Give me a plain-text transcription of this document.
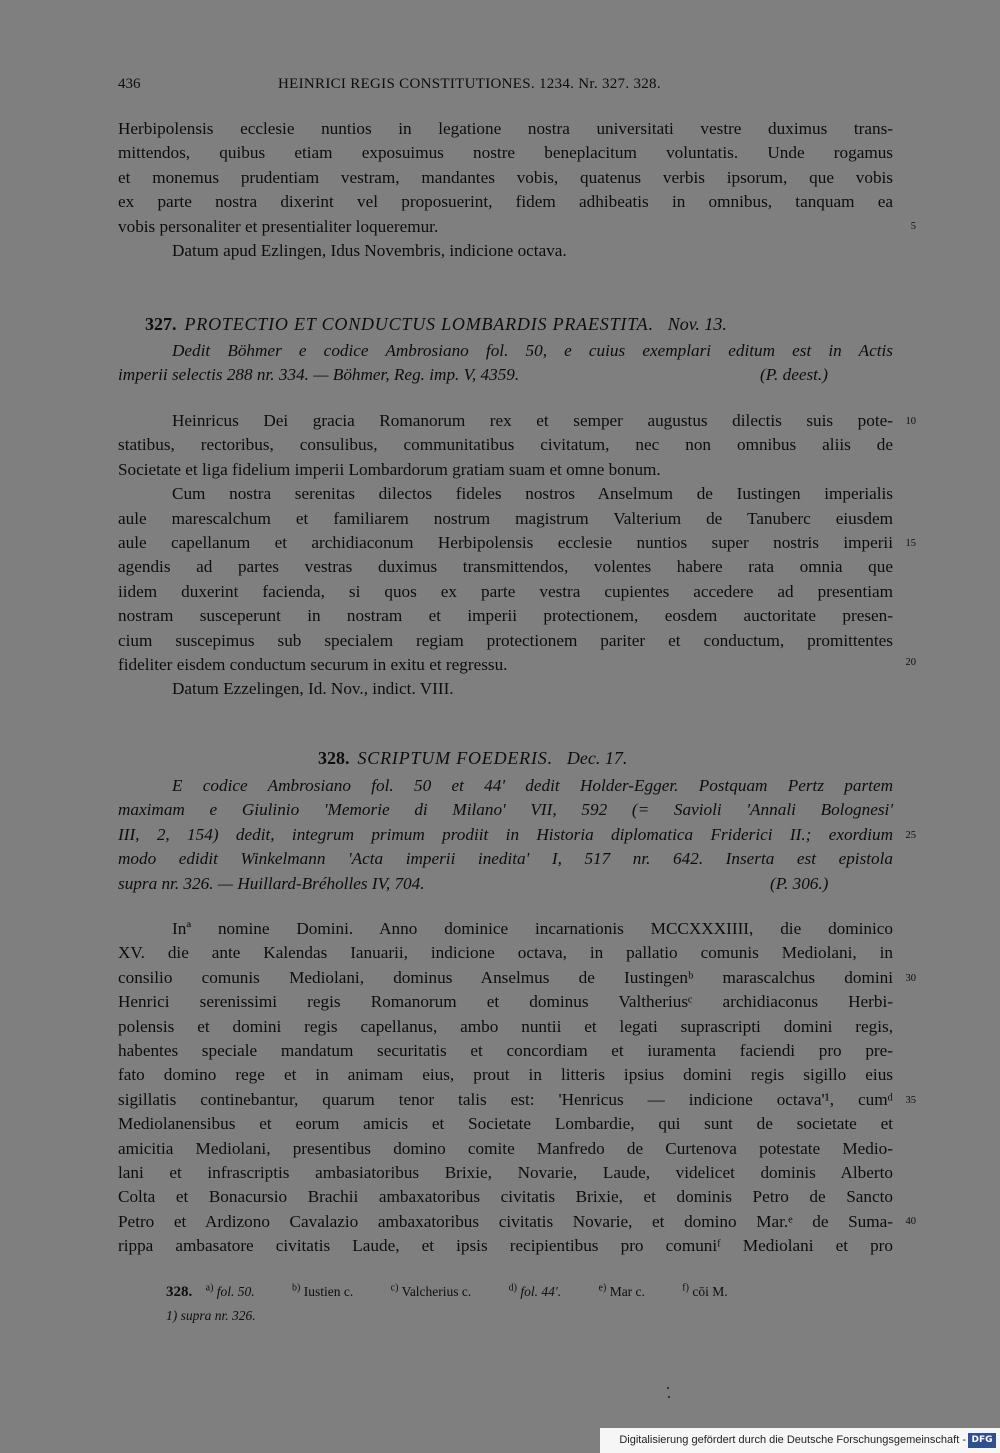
436	HEINRICI REGIS CONSTITUTIONES. 1234. Nr. 327. 328.
Herbipolensis ecclesie nuntios in legatione nostra universitati vestre duximus trans-
mittendos, quibus etiam exposuimus nostre beneplacitum voluntatis. Unde rogamus
et monemus prudentiam vestram, mandantes vobis, quatenus verbis ipsorum, que vobis
ex parte nostra dixerint vel proposuerint, fidem adhibeatis in omnibus, tanquam ea
vobis personaliter et presentialiter loqueremur.
Datum apud Ezlingen, Idus Novembris, indicione octava.
327. PROTECTIO ET CONDUCTUS LOMBARDIS PRAESTITA. Nov. 13.
Dedit Böhmer e codice Ambrosiano fol. 50, e cuius exemplari editum est in Actis
imperii selectis 288 nr. 334. — Böhmer, Reg. imp. V, 4359.	(P. deest.)
Heinricus Dei gracia Romanorum rex et semper augustus dilectis suis pote-
statibus, rectoribus, consulibus, communitatibus civitatum, nec non omnibus aliis de
Societate et liga fidelium imperii Lombardorum gratiam suam et omne bonum.
Cum nostra serenitas dilectos fideles nostros Anselmum de Iustingen imperialis
aule marescalchum et familiarem nostrum magistrum Valterium de Tanuberc eiusdem
aule capellanum et archidiaconum Herbipolensis ecclesie nuntios super nostris imperii
agendis ad partes vestras duximus transmittendos, volentes habere rata omnia que
iidem duxerint facienda, si quos ex parte vestra cupientes accedere ad presentiam
nostram susceperunt in nostram et imperii protectionem, eosdem auctoritate presen-
cium suscepimus sub specialem regiam protectionem pariter et conductum, promittentes
fideliter eisdem conductum securum in exitu et regressu.
Datum Ezzelingen, Id. Nov., indict. VIII.
328. SCRIPTUM FOEDERIS. Dec. 17.
E codice Ambrosiano fol. 50 et 44' dedit Holder-Egger. Postquam Pertz partem
maximam e Giulinio 'Memorie di Milano' VII, 592 (= Savioli 'Annali Bolognesi'
III, 2, 154) dedit, integrum primum prodiit in Historia diplomatica Friderici II.; exordium
modo edidit Winkelmann 'Acta imperii inedita' I, 517 nr. 642. Inserta est epistola
supra nr. 326. — Huillard-Bréholles IV, 704.	(P. 306.)
Inª nomine Domini. Anno dominice incarnationis MCCXXXIIII, die dominico
XV. die ante Kalendas Ianuarii, indicione octava, in pallatio comunis Mediolani, in
consilio comunis Mediolani, dominus Anselmus de Iustingenᵇ marascalchus domini
Henrici serenissimi regis Romanorum et dominus Valtheriusᶜ archidiaconus Herbi-
polensis et domini regis capellanus, ambo nuntii et legati suprascripti domini regis,
habentes speciale mandatum securitatis et concordiam et iuramenta faciendi pro pre-
fato domino rege et in animam eius, prout in litteris ipsius domini regis sigillo eius
sigillatis continebantur, quarum tenor talis est: 'Henricus — indicione octava'¹, cumᵈ
Mediolanensibus et eorum amicis et Societate Lombardie, qui sunt de societate et
amicitia Mediolani, presentibus domino comite Manfredo de Curtenova potestate Medio-
lani et infrascriptis ambasiatoribus Brixie, Novarie, Laude, videlicet dominis Alberto
Colta et Bonacursio Brachii ambaxatoribus civitatis Brixie, et dominis Petro de Sancto
Petro et Ardizono Cavalazio ambaxatoribus civitatis Novarie, et domino Mar.ᵉ de Suma-
rippa ambasatore civitatis Laude, et ipsis recipientibus pro comuniᶠ Mediolani et pro
5
10
15
20
25
30
35
40
328. $^{a)}$ fol. 50.	$^{b)}$ Iustien c.	$^{c)}$ Valcherius c.	$^{d)}$ fol. 44'.	$^{e)}$ Mar c.	$^{f)}$ cōi M.
1) supra nr. 326.
Digitalisierung gefördert durch die Deutsche Forschungsgemeinschaft - DFG
